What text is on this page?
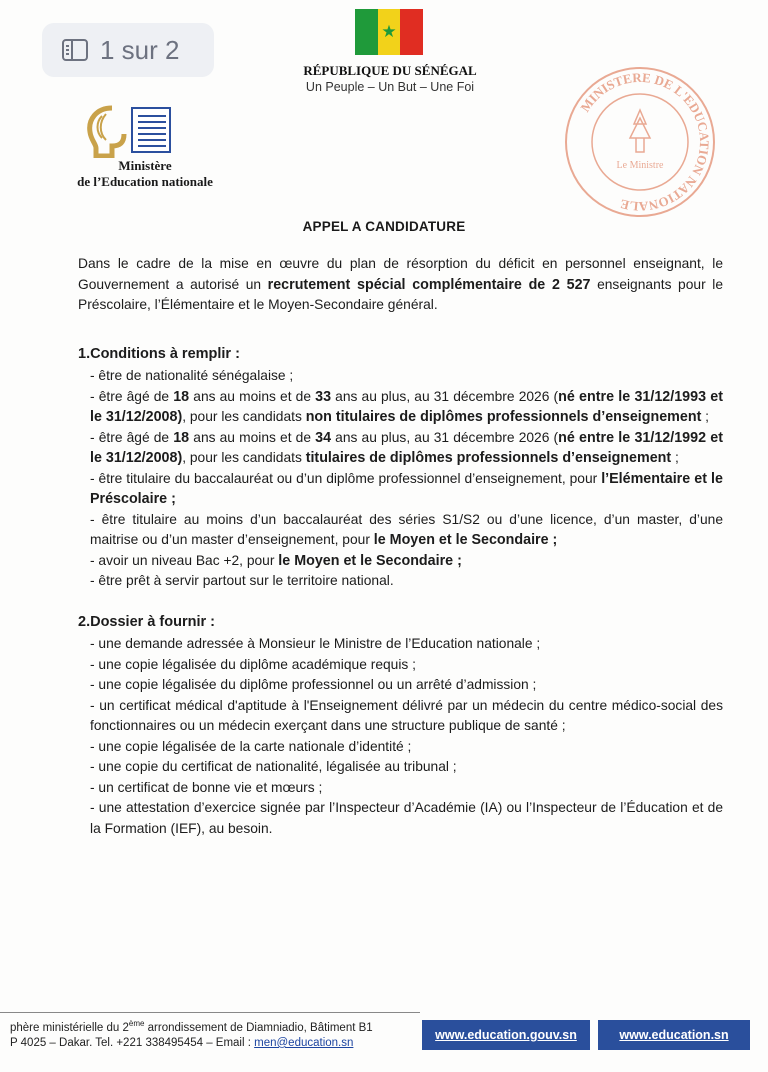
1 sur 2
★
RÉPUBLIQUE DU SÉNÉGAL
Un Peuple – Un But – Une Foi
Ministère
de l’Education nationale
MINISTERE DE L'EDUCATION NATIONALE
Le Ministre
APPEL A CANDIDATURE

Dans le cadre de la mise en œuvre du plan de résorption du déficit en personnel enseignant, le Gouvernement a autorisé un recrutement spécial complémentaire de 2 527 enseignants pour le Préscolaire, l’Élémentaire et le Moyen-Secondaire général.

1.Conditions à remplir :
- être de nationalité sénégalaise ;
- être âgé de 18 ans au moins et de 33 ans au plus, au 31 décembre 2026 (né entre le 31/12/1993 et le 31/12/2008), pour les candidats non titulaires de diplômes professionnels d’enseignement ;
- être âgé de 18 ans au moins et de 34 ans au plus, au 31 décembre 2026 (né entre le 31/12/1992 et le 31/12/2008), pour les candidats titulaires de diplômes professionnels d’enseignement ;
- être titulaire du baccalauréat ou d’un diplôme professionnel d’enseignement, pour l’Elémentaire et le Préscolaire ;
- être titulaire au moins d’un baccalauréat des séries S1/S2 ou d’une licence, d’un master, d’une maitrise ou d’un master d’enseignement, pour le Moyen et le Secondaire ;
- avoir un niveau Bac +2, pour le Moyen et le Secondaire ;
- être prêt à servir partout sur le territoire national.
2.Dossier à fournir :
- une demande adressée à Monsieur le Ministre de l’Education nationale ;
- une copie légalisée du diplôme académique requis ;
- une copie légalisée du diplôme professionnel ou un arrêté d’admission ;
- un certificat médical d'aptitude à l'Enseignement délivré par un médecin du centre médico-social des fonctionnaires ou un médecin exerçant dans une structure publique de santé ;
- une copie légalisée de la carte nationale d’identité ;
- une copie du certificat de nationalité, légalisée au tribunal ;
- un certificat de bonne vie et mœurs ;
- une attestation d’exercice signée par l’Inspecteur d’Académie (IA) ou l’Inspecteur de l’Éducation et de la Formation (IEF), au besoin.
phère ministérielle du 2ème arrondissement de Diamniadio, Bâtiment B1
P 4025 – Dakar. Tel. +221 338495454 – Email : men@education.sn
www.education.gouv.sn	www.education.sn
